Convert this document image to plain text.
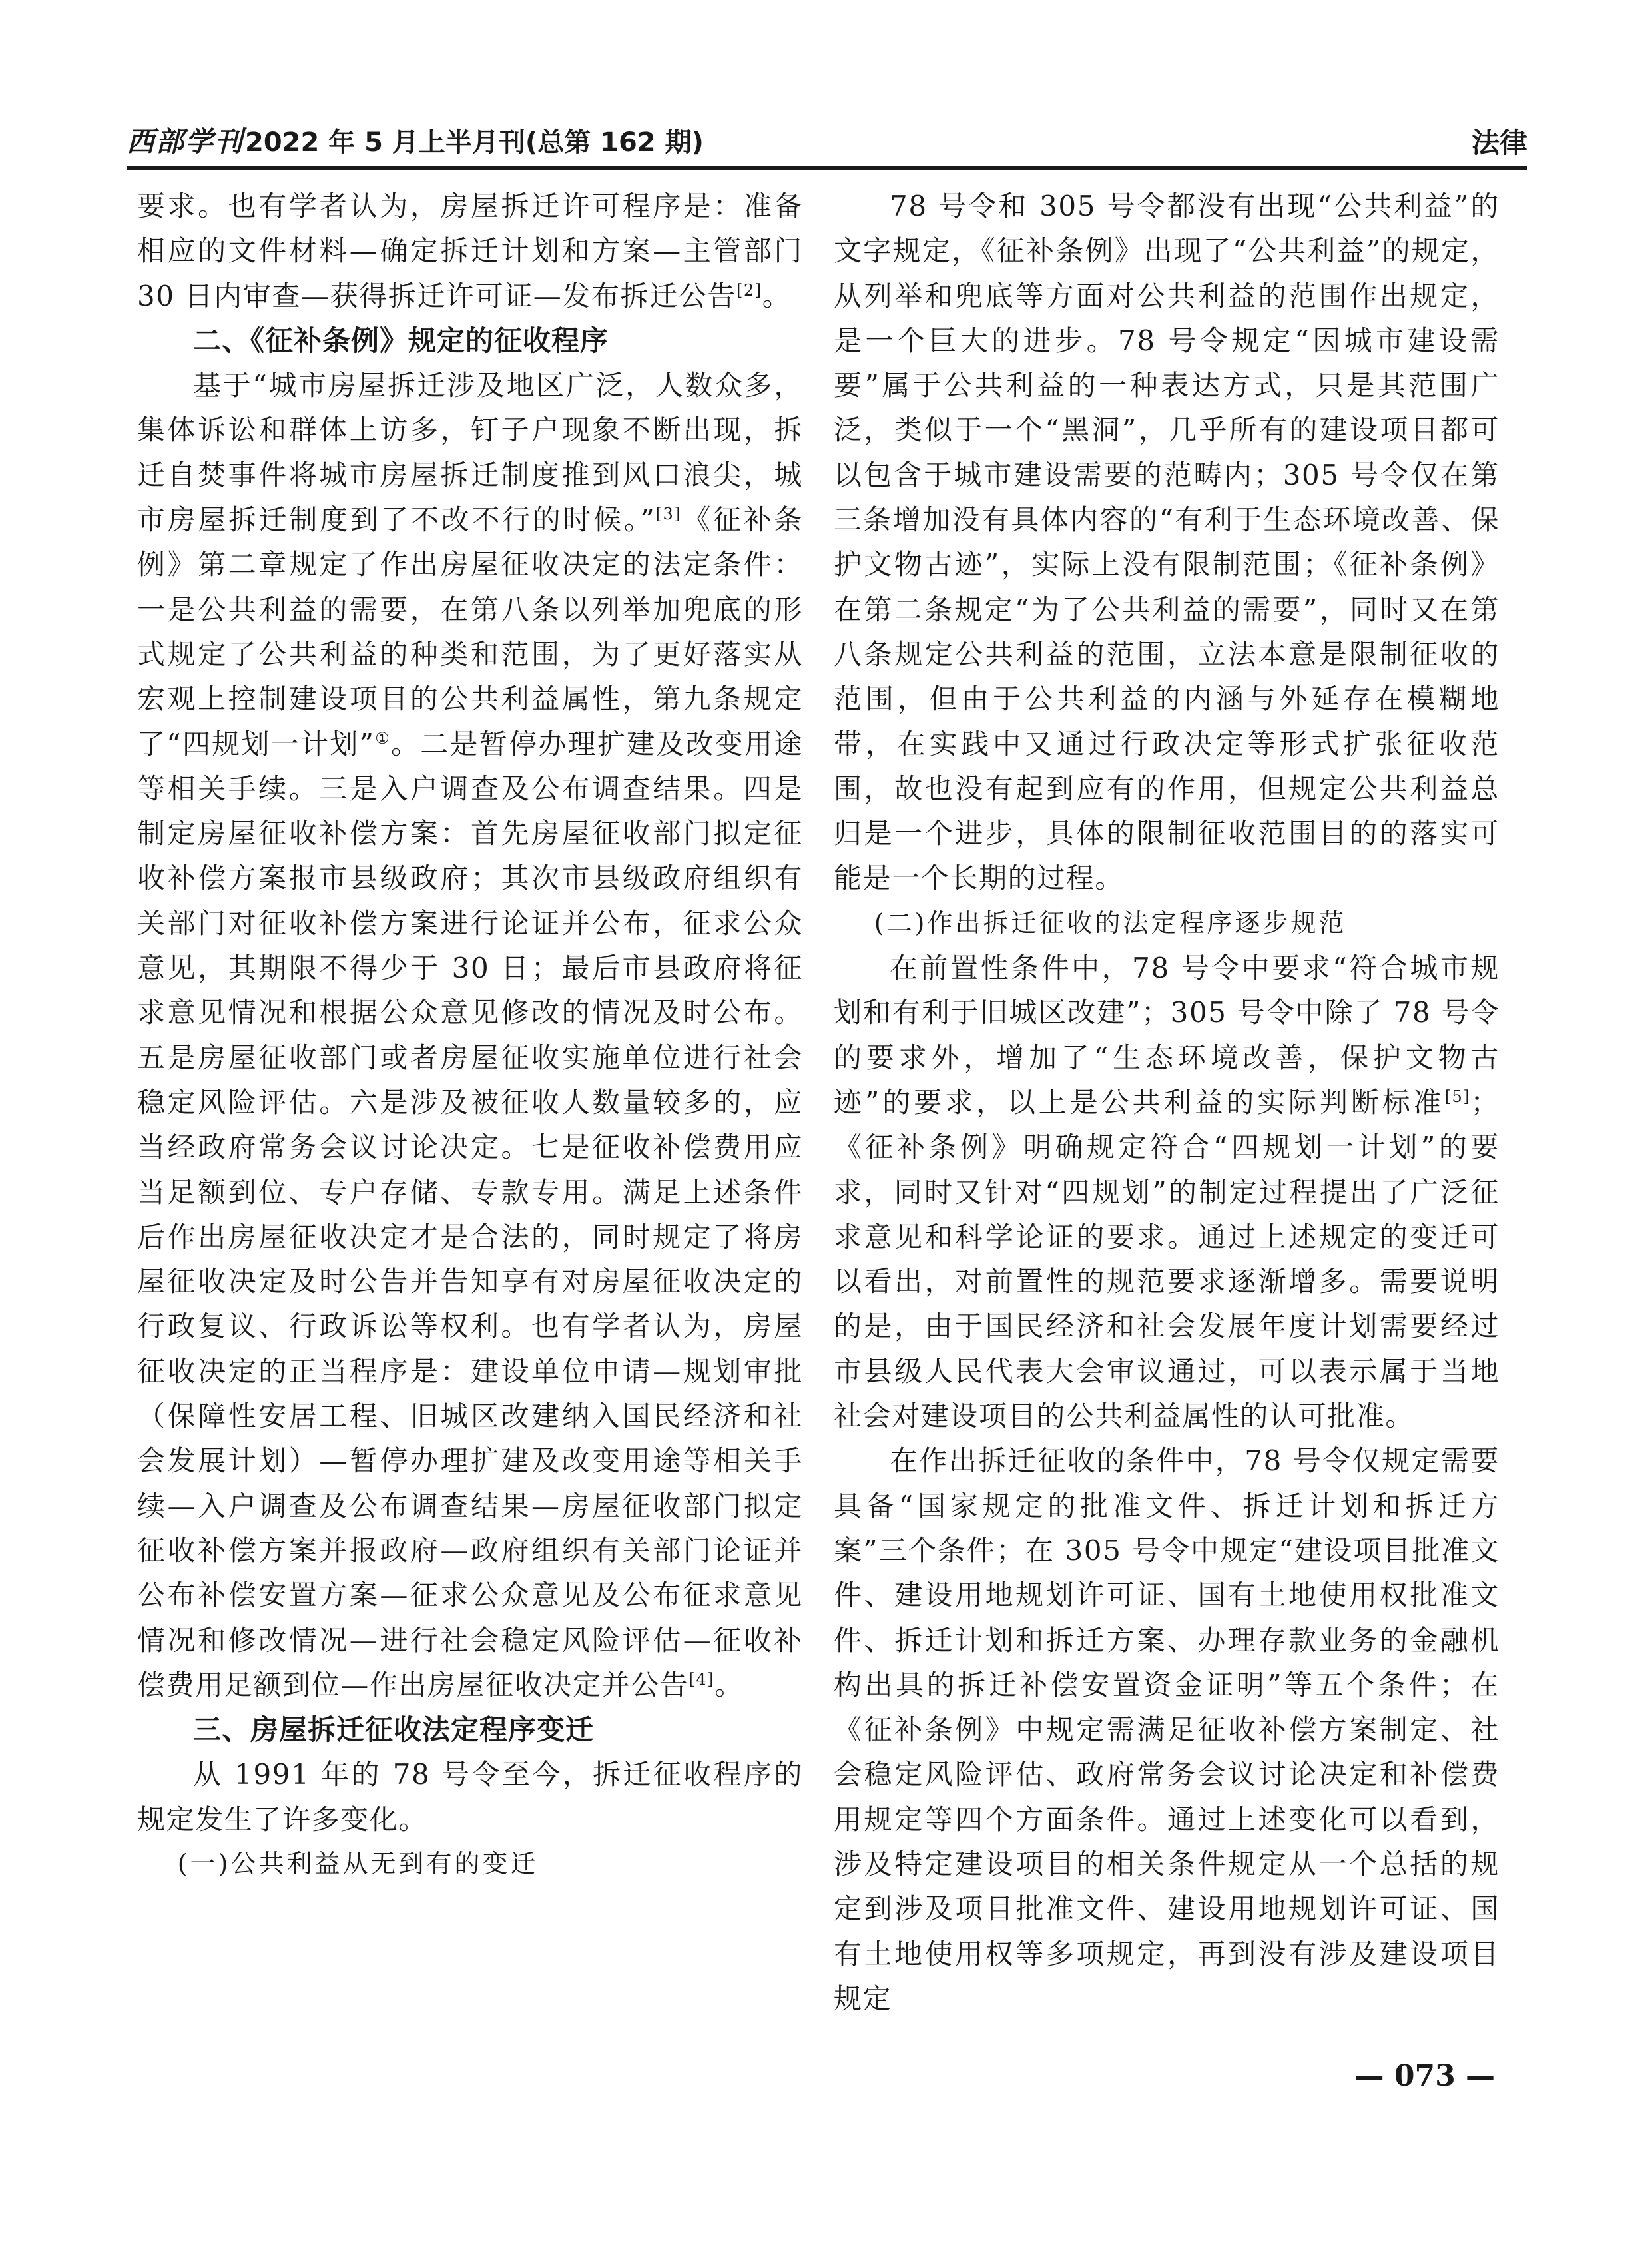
西部学刊 2022 年 5 月上半月刊(总第 162 期)	法律

要求。也有学者认为，房屋拆迁许可程序是：准备相应的文件材料—确定拆迁计划和方案—主管部门 30 日内审查—获得拆迁许可证—发布拆迁公告[2]。

二、《征补条例》规定的征收程序

基于“城市房屋拆迁涉及地区广泛，人数众多，集体诉讼和群体上访多，钉子户现象不断出现，拆迁自焚事件将城市房屋拆迁制度推到风口浪尖，城市房屋拆迁制度到了不改不行的时候。”[3]《征补条例》第二章规定了作出房屋征收决定的法定条件：一是公共利益的需要，在第八条以列举加兜底的形式规定了公共利益的种类和范围，为了更好落实从宏观上控制建设项目的公共利益属性，第九条规定了“四规划一计划”①。二是暂停办理扩建及改变用途等相关手续。三是入户调查及公布调查结果。四是制定房屋征收补偿方案：首先房屋征收部门拟定征收补偿方案报市县级政府；其次市县级政府组织有关部门对征收补偿方案进行论证并公布，征求公众意见，其期限不得少于 30 日；最后市县政府将征求意见情况和根据公众意见修改的情况及时公布。五是房屋征收部门或者房屋征收实施单位进行社会稳定风险评估。六是涉及被征收人数量较多的，应当经政府常务会议讨论决定。七是征收补偿费用应当足额到位、专户存储、专款专用。满足上述条件后作出房屋征收决定才是合法的，同时规定了将房屋征收决定及时公告并告知享有对房屋征收决定的行政复议、行政诉讼等权利。也有学者认为，房屋征收决定的正当程序是：建设单位申请—规划审批（保障性安居工程、旧城区改建纳入国民经济和社会发展计划）—暂停办理扩建及改变用途等相关手续—入户调查及公布调查结果—房屋征收部门拟定征收补偿方案并报政府—政府组织有关部门论证并公布补偿安置方案—征求公众意见及公布征求意见情况和修改情况—进行社会稳定风险评估—征收补偿费用足额到位—作出房屋征收决定并公告[4]。

三、房屋拆迁征收法定程序变迁

从 1991 年的 78 号令至今，拆迁征收程序的规定发生了许多变化。

(一)公共利益从无到有的变迁

78 号令和 305 号令都没有出现“公共利益”的文字规定，《征补条例》出现了“公共利益”的规定，从列举和兜底等方面对公共利益的范围作出规定，是一个巨大的进步。78 号令规定“因城市建设需要”属于公共利益的一种表达方式，只是其范围广泛，类似于一个“黑洞”，几乎所有的建设项目都可以包含于城市建设需要的范畴内；305 号令仅在第三条增加没有具体内容的“有利于生态环境改善、保护文物古迹”，实际上没有限制范围；《征补条例》在第二条规定“为了公共利益的需要”，同时又在第八条规定公共利益的范围，立法本意是限制征收的范围，但由于公共利益的内涵与外延存在模糊地带，在实践中又通过行政决定等形式扩张征收范围，故也没有起到应有的作用，但规定公共利益总归是一个进步，具体的限制征收范围目的的落实可能是一个长期的过程。

(二)作出拆迁征收的法定程序逐步规范

在前置性条件中，78 号令中要求“符合城市规划和有利于旧城区改建”；305 号令中除了 78 号令的要求外，增加了“生态环境改善，保护文物古迹”的要求，以上是公共利益的实际判断标准[5]；《征补条例》明确规定符合“四规划一计划”的要求，同时又针对“四规划”的制定过程提出了广泛征求意见和科学论证的要求。通过上述规定的变迁可以看出，对前置性的规范要求逐渐增多。需要说明的是，由于国民经济和社会发展年度计划需要经过市县级人民代表大会审议通过，可以表示属于当地社会对建设项目的公共利益属性的认可批准。

在作出拆迁征收的条件中，78 号令仅规定需要具备“国家规定的批准文件、拆迁计划和拆迁方案”三个条件；在 305 号令中规定“建设项目批准文件、建设用地规划许可证、国有土地使用权批准文件、拆迁计划和拆迁方案、办理存款业务的金融机构出具的拆迁补偿安置资金证明”等五个条件；在《征补条例》中规定需满足征收补偿方案制定、社会稳定风险评估、政府常务会议讨论决定和补偿费用规定等四个方面条件。通过上述变化可以看到，涉及特定建设项目的相关条件规定从一个总括的规定到涉及项目批准文件、建设用地规划许可证、国有土地使用权等多项规定，再到没有涉及建设项目规定

— 073 —
